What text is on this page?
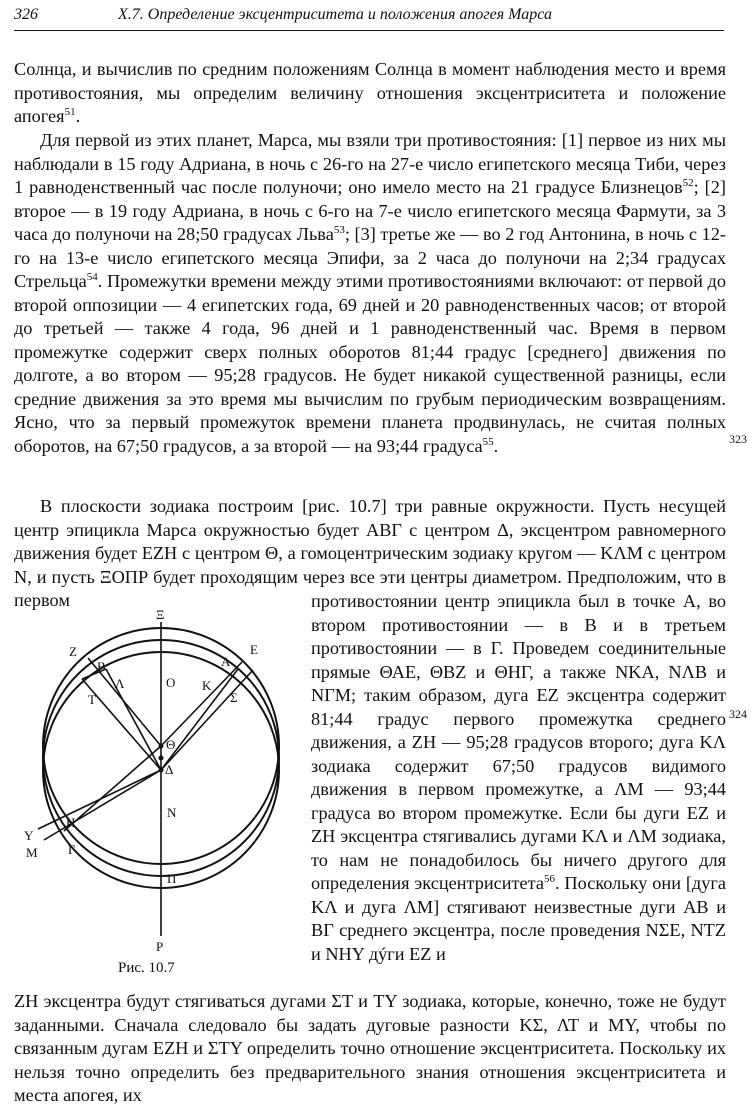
326	X.7. Определение эксцентриситета и положения апогея Марса

Солнца, и вычислив по средним положениям Солнца в момент наблюдения место и время противостояния, мы определим величину отношения эксцентриситета и положение апогея$^{51}$.

Для первой из этих планет, Марса, мы взяли три противостояния: [1] первое из них мы наблюдали в 15 году Адриана, в ночь с 26-го на 27-е число египетского месяца Тиби, через 1 равноденственный час после полуночи; оно имело место на 21 градусе Близнецов$^{52}$; [2] второе — в 19 году Адриана, в ночь с 6-го на 7-е число египетского месяца Фармути, за 3 часа до полуночи на 28;50 градусах Льва$^{53}$; [3] третье же — во 2 год Антонина, в ночь с 12-го на 13-е число египетского месяца Эпифи, за 2 часа до полуночи на 2;34 градусах Стрельца$^{54}$. Промежутки времени между этими противостояниями включают: от первой до второй оппозиции — 4 египетских года, 69 дней и 20 равноденственных часов; от второй до третьей — также 4 года, 96 дней и 1 равноденственный час. Время в первом промежутке содержит сверх полных оборотов 81;44 градус [среднего] движения по долготе, а во втором — 95;28 градусов. Не будет никакой существенной разницы, если средние движения за это время мы вычислим по грубым периодическим возвращениям. Ясно, что за первый промежуток времени планета продвинулась, не считая полных оборотов, на 67;50 градусов, а за второй — на 93;44 градуса$^{55}$.

В плоскости зодиака построим [рис. 10.7] три равные окружности. Пусть несущей центр эпицикла Марса окружностью будет ΑΒΓ с центром Δ, эксцентром равномерного движения будет ΕΖΗ с центром Θ, а гомоцентрическим зодиаку кругом — ΚΛΜ с центром Ν, и пусть ΞΟΠΡ будет проходящим через все эти центры диаметром. Предположим, что в первом	противостоянии центр эпицикла был в точке Α, во втором противостоянии — в Β и в третьем противостоянии — в Γ. Проведем соединительные прямые ΘΑΕ, ΘΒΖ и ΘΗΓ, а также ΝΚΑ, ΝΛΒ и ΝΓΜ; таким образом, дуга ΕΖ эксцентра содержит 81;44 градус первого промежутка среднего движения, а ΖΗ — 95;28 градусов второго; дуга ΚΛ зодиака содержит 67;50 градусов видимого движения в первом промежутке, а ΛΜ — 93;44 градуса во втором промежутке. Если бы дуги ΕΖ и ΖΗ эксцентра стягивались дугами ΚΛ и ΛΜ зодиака, то нам не понадобилось бы ничего другого для определения эксцентриситета$^{56}$. Поскольку они [дуга ΚΛ и дуга ΛΜ] стягивают неизвестные дуги ΑΒ и ΒΓ среднего эксцентра, после проведения ΝΣΕ, ΝΤΖ и ΝΗΥ дýги ΕΖ и

ΖΗ эксцентра будут стягиваться дугами ΣΤ и ΤΥ зодиака, которые, конечно, тоже не будут заданными. Сначала следовало бы задать дуговые разности ΚΣ, ΛΤ и ΜΥ, чтобы по связанным дугам ΕΖΗ и ΣΤΥ определить точно отношение эксцентриситета. Поскольку их нельзя точно определить без предварительного знания отношения эксцентриситета и места апогея, их

323
324
Ξ
Ο
Θ
Δ
Ν
Π
Ρ
Ζ
Β
Λ
Τ
Α
Ε
Κ
Σ
Υ
Μ
Η
Γ
Рис. 10.7
